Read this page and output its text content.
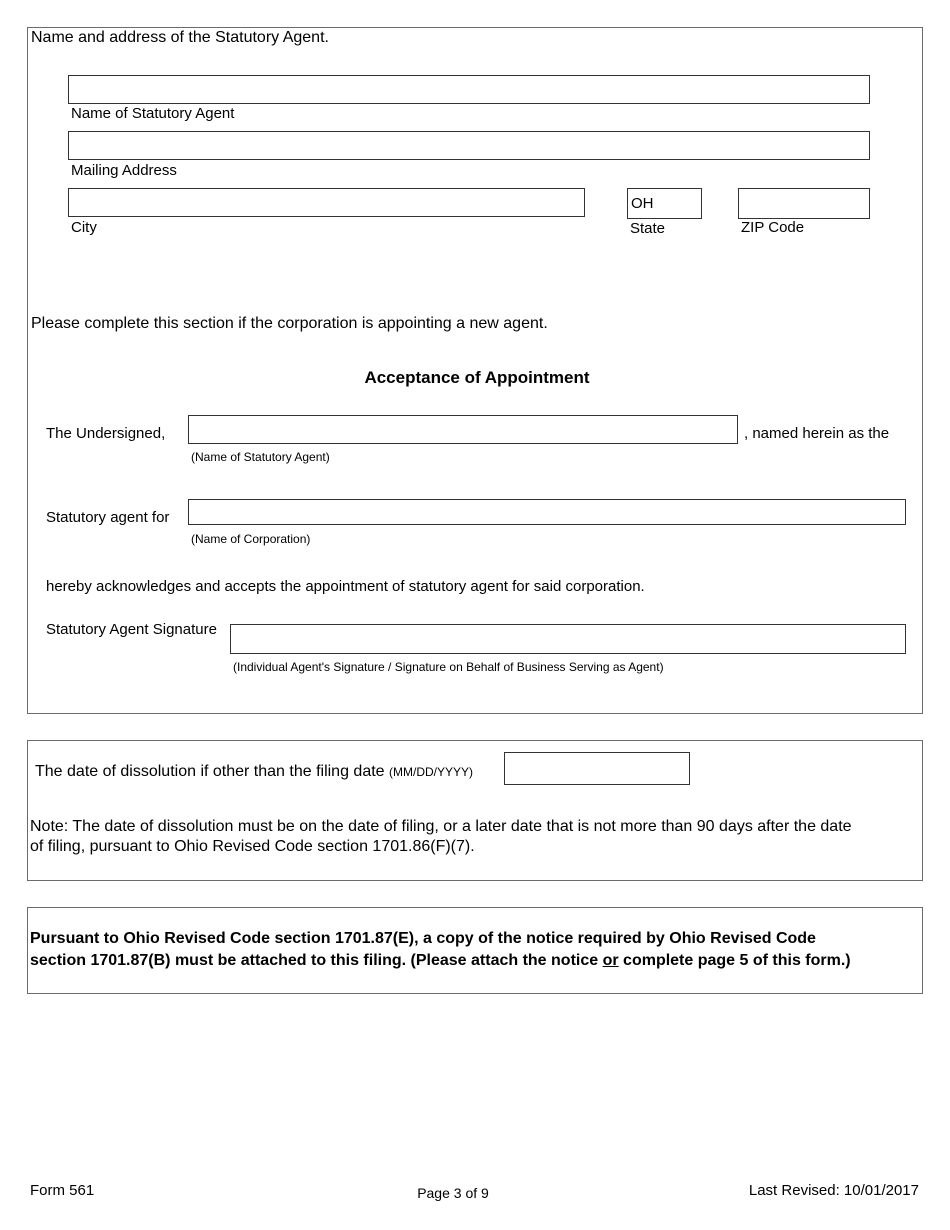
Name and address of the Statutory Agent.
Name of Statutory Agent
Mailing Address
City
OH
State	ZIP Code
Please complete this section if the corporation is appointing a new agent.
Acceptance of Appointment
The Undersigned,	, named herein as the
(Name of Statutory Agent)
Statutory agent for
(Name of Corporation)
hereby acknowledges and accepts the appointment of statutory agent for said corporation.
Statutory Agent Signature
(Individual Agent's Signature / Signature on Behalf of Business Serving as Agent)
The date of dissolution if other than the filing date (MM/DD/YYYY)
Note: The date of dissolution must be on the date of filing, or a later date that is not more than 90 days after the date
of filing, pursuant to Ohio Revised Code section 1701.86(F)(7).
Pursuant to Ohio Revised Code section 1701.87(E), a copy of the notice required by Ohio Revised Code
section 1701.87(B) must be attached to this filing. (Please attach the notice or complete page 5 of this form.)
Form 561	Page 3 of 9	Last Revised: 10/01/2017
